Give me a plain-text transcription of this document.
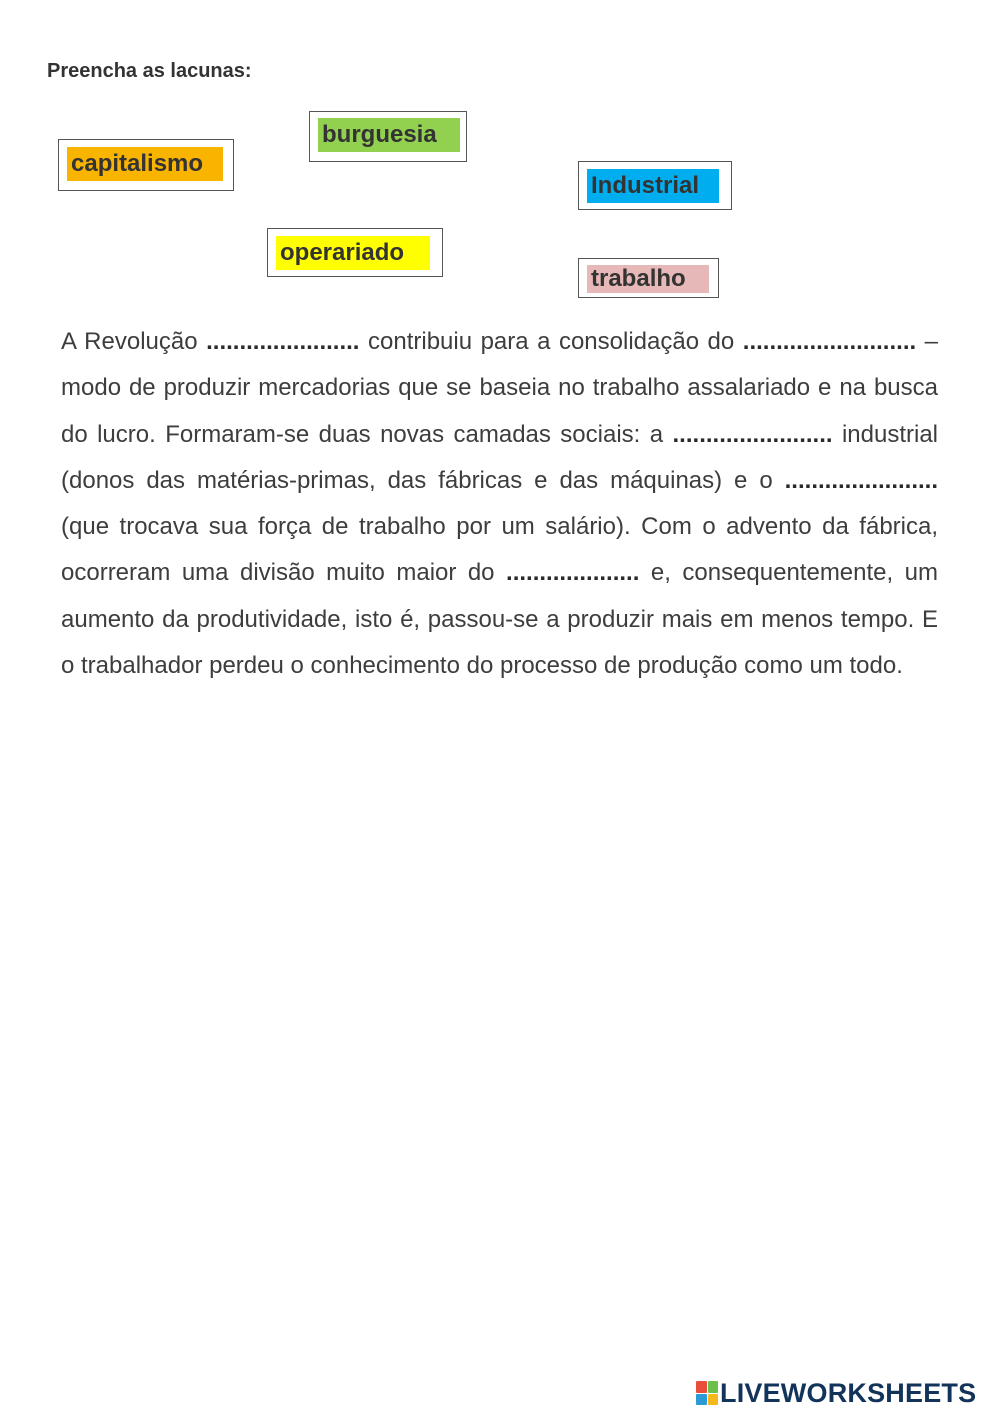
Preencha as lacunas:
capitalismo
burguesia
Industrial
operariado
trabalho
A Revolução ....................... contribuiu para a consolidação do .......................... – modo de produzir mercadorias que se baseia no trabalho assalariado e na busca do lucro. Formaram-se duas novas camadas sociais: a ........................ industrial (donos das matérias-primas, das fábricas e das máquinas) e o ....................... (que trocava sua força de trabalho por um salário). Com o advento da fábrica, ocorreram uma divisão muito maior do .................... e, consequentemente, um aumento da produtividade, isto é, passou-se a produzir mais em menos tempo. E o trabalhador perdeu o conhecimento do processo de produção como um todo.
LIVEWORKSHEETS
